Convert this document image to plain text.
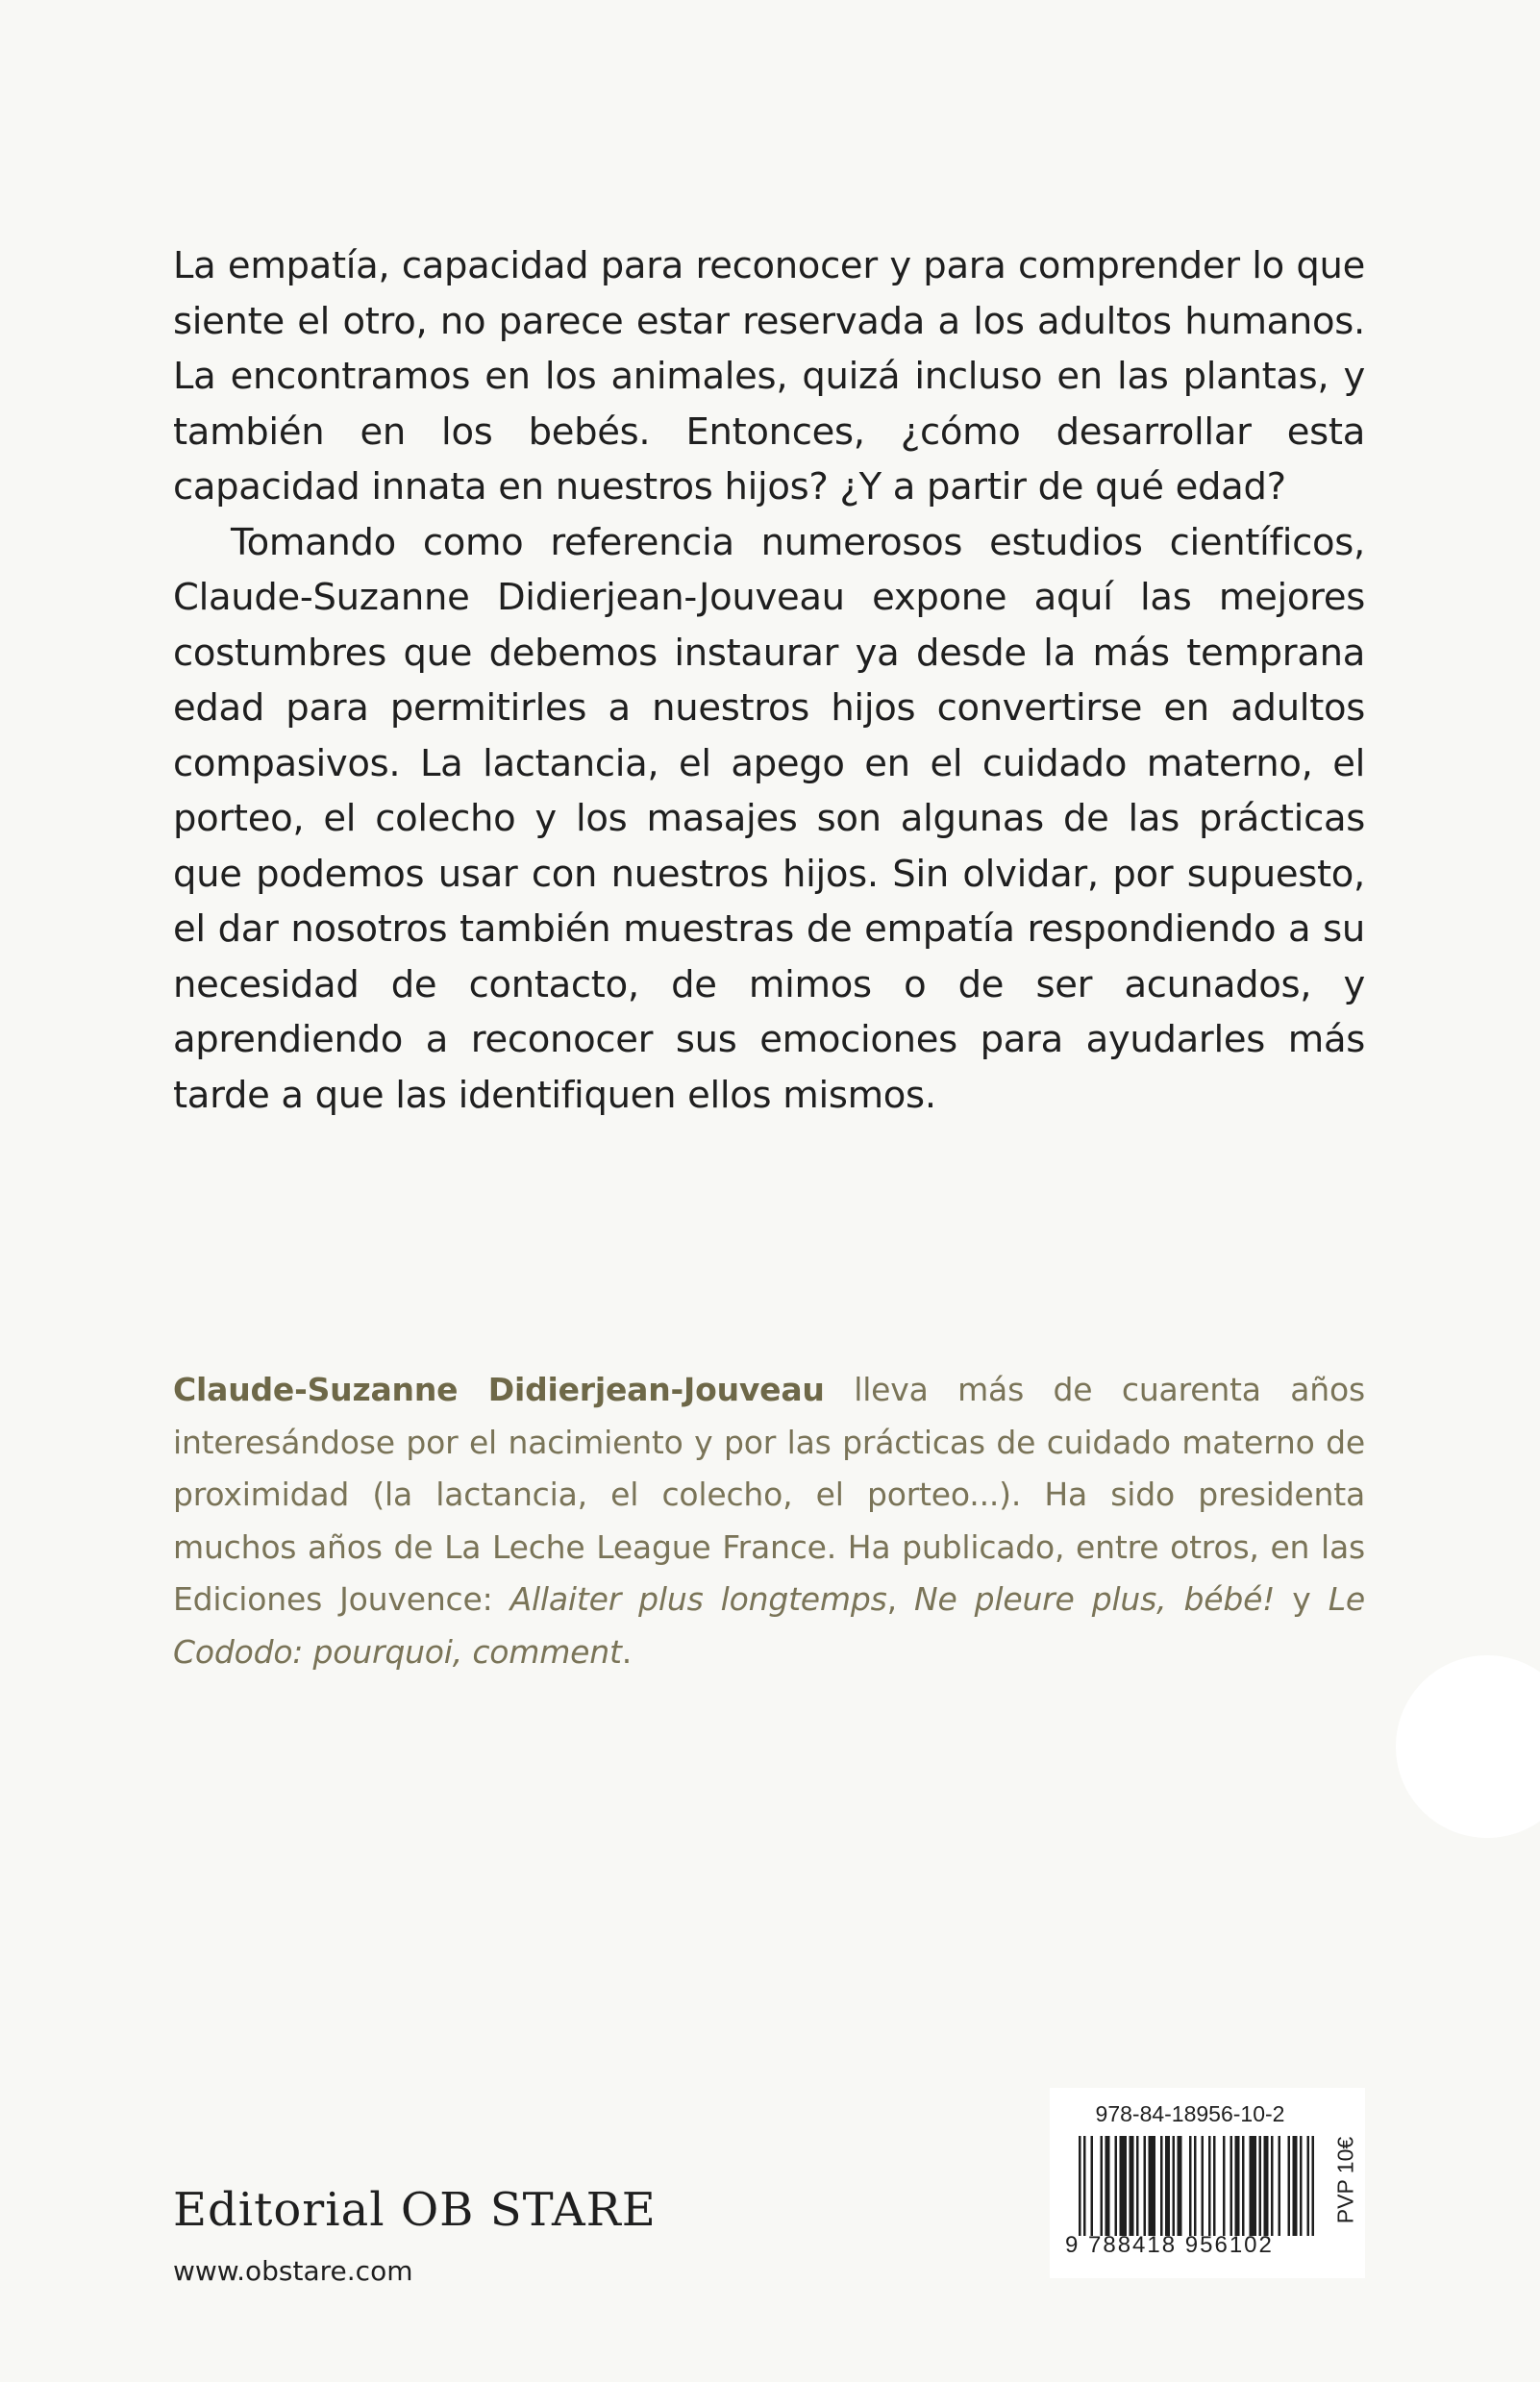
La empatía, capacidad para reconocer y para comprender lo que siente el otro, no parece estar reservada a los adultos humanos. La encontramos en los animales, quizá incluso en las plantas, y también en los bebés. Entonces, ¿cómo desarrollar esta capacidad innata en nuestros hijos? ¿Y a partir de qué edad?

Tomando como referencia numerosos estudios científicos, Claude-Suzanne Didierjean-Jouveau expone aquí las mejores costumbres que debemos instaurar ya desde la más temprana edad para permitirles a nuestros hijos convertirse en adultos compasivos. La lactancia, el apego en el cuidado materno, el porteo, el colecho y los masajes son algunas de las prácticas que podemos usar con nuestros hijos. Sin olvidar, por supuesto, el dar nosotros también muestras de empatía respondiendo a su necesidad de contacto, de mimos o de ser acunados, y aprendiendo a reconocer sus emociones para ayudarles más tarde a que las identifiquen ellos mismos.

Claude-Suzanne Didierjean-Jouveau lleva más de cuarenta años interesándose por el nacimiento y por las prácticas de cuidado materno de proximidad (la lactancia, el colecho, el porteo...). Ha sido presidenta muchos años de La Leche League France. Ha publicado, entre otros, en las Ediciones Jouvence: Allaiter plus longtemps, Ne pleure plus, bébé! y Le Cododo: pourquoi, comment.
Editorial OB STARE
www.obstare.com
978-84-18956-10-2
9 788418 956102
PVP 10€
